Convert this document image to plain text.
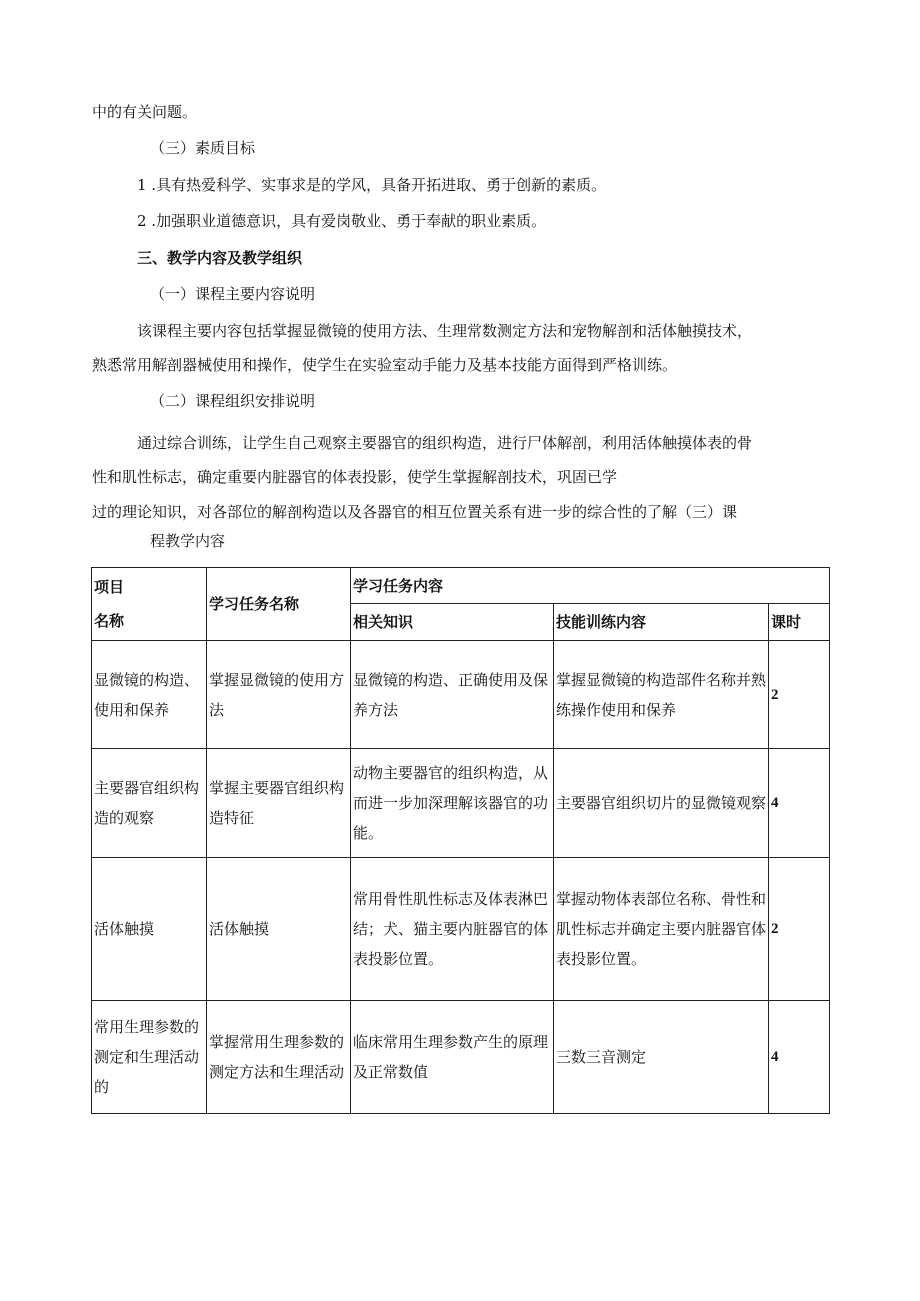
中的有关问题。
（三）素质目标
1 .具有热爱科学、实事求是的学风，具备开拓进取、勇于创新的素质。
2 .加强职业道德意识，具有爱岗敬业、勇于奉献的职业素质。
三、教学内容及教学组织
（一）课程主要内容说明
该课程主要内容包括掌握显微镜的使用方法、生理常数测定方法和宠物解剖和活体触摸技术，
熟悉常用解剖器械使用和操作，使学生在实验室动手能力及基本技能方面得到严格训练。
（二）课程组织安排说明
通过综合训练，让学生自己观察主要器官的组织构造，进行尸体解剖，利用活体触摸体表的骨
性和肌性标志，确定重要内脏器官的体表投影，使学生掌握解剖技术，巩固已学
过的理论知识，对各部位的解剖构造以及各器官的相互位置关系有进一步的综合性的了解（三）课
程教学内容
项目
名称	学习任务名称	学习任务内容		
		相关知识	技能训练内容	课时
显微镜的构造、使用和保养	掌握显微镜的使用方法	显微镜的构造、正确使用及保养方法	掌握显微镜的构造部件名称并熟练操作使用和保养	2
主要器官组织构造的观察	掌握主要器官组织构造特征	动物主要器官的组织构造，从而进一步加深理解该器官的功能。	主要器官组织切片的显微镜观察	4
活体触摸	活体触摸	常用骨性肌性标志及体表淋巴结；犬、猫主要内脏器官的体表投影位置。	掌握动物体表部位名称、骨性和肌性标志并确定主要内脏器官体表投影位置。	2
常用生理参数的测定和生理活动的	掌握常用生理参数的测定方法和生理活动	临床常用生理参数产生的原理及正常数值	三数三音测定	4
